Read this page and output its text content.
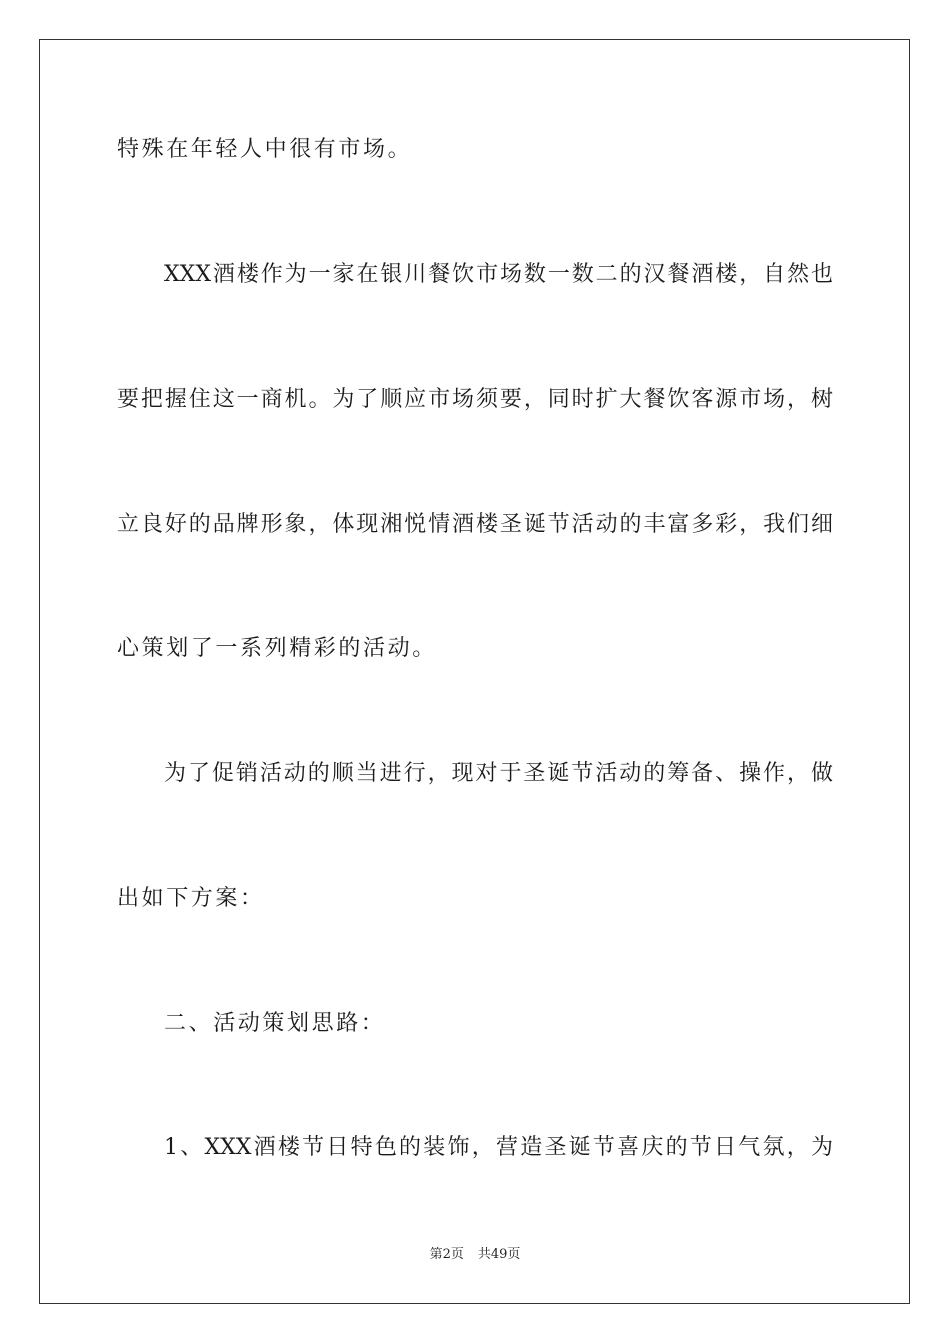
特殊在年轻人中很有市场。
XXX酒楼作为一家在银川餐饮市场数一数二的汉餐酒楼，自然也
要把握住这一商机。为了顺应市场须要，同时扩大餐饮客源市场，树
立良好的品牌形象，体现湘悦情酒楼圣诞节活动的丰富多彩，我们细
心策划了一系列精彩的活动。
为了促销活动的顺当进行，现对于圣诞节活动的筹备、操作，做
出如下方案：
二、活动策划思路：
1、XXX酒楼节日特色的装饰，营造圣诞节喜庆的节日气氛，为
第2页 共49页
